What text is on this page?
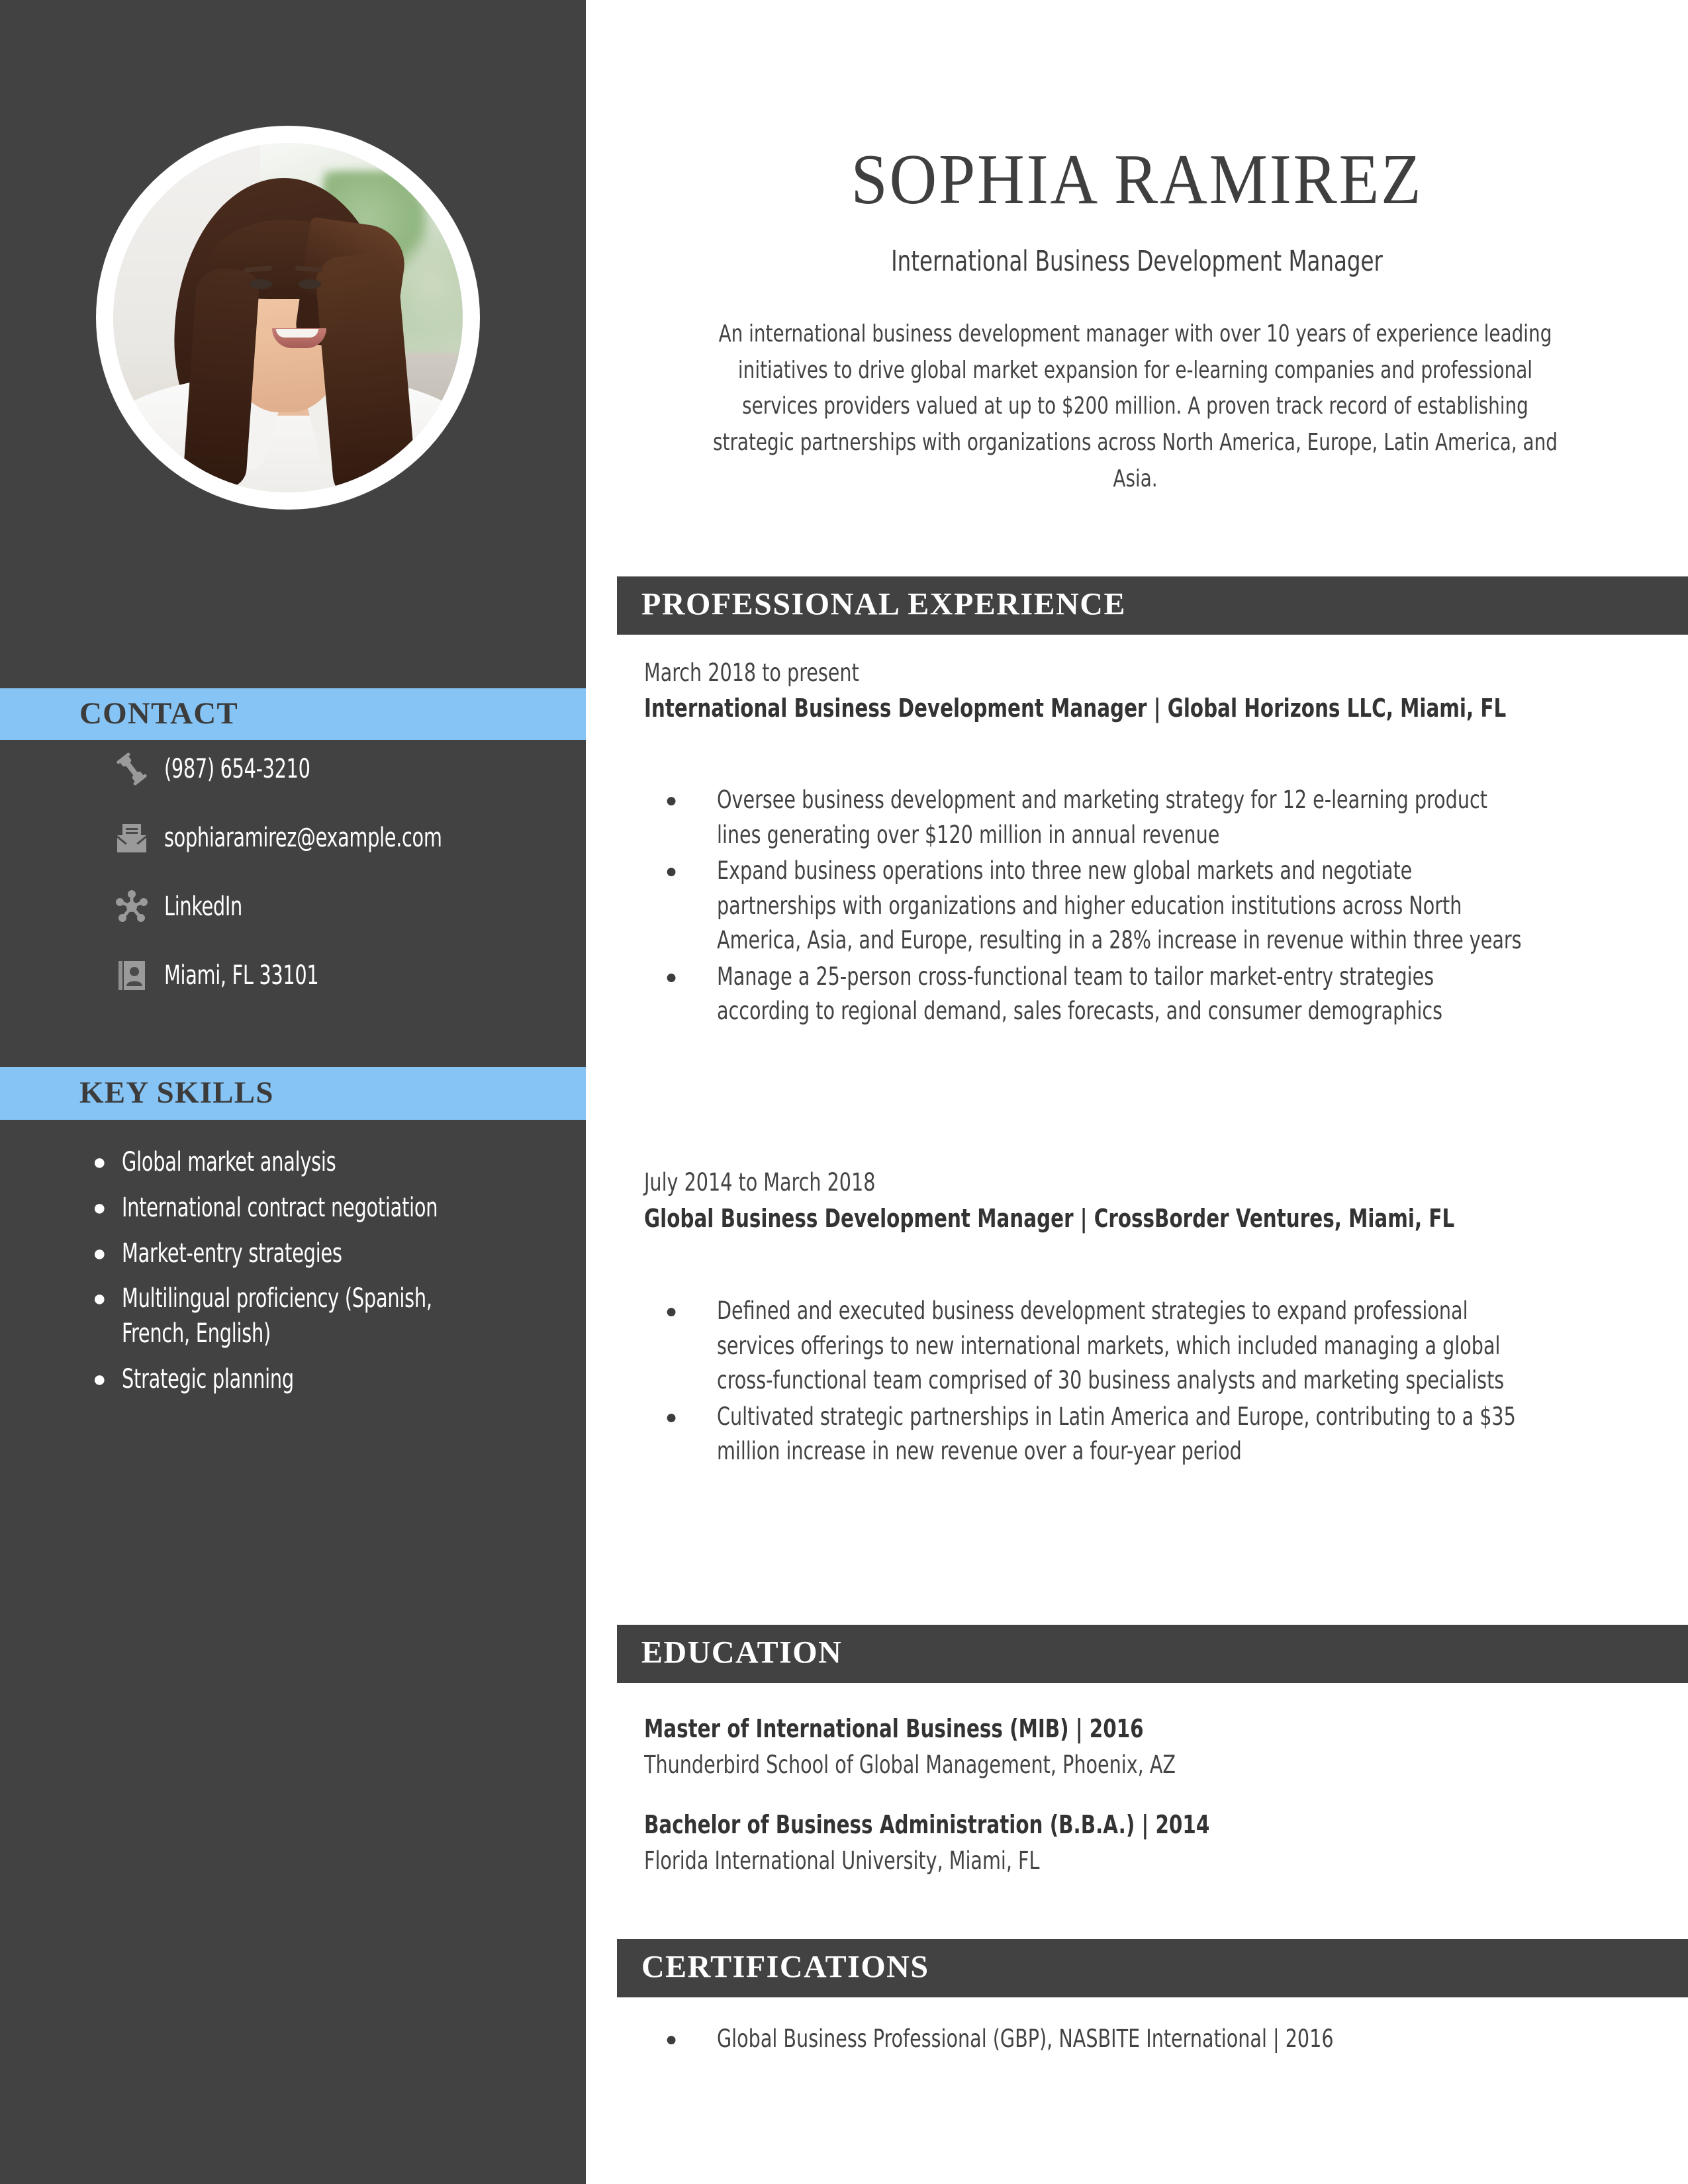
CONTACT
(987) 654-3210
sophiaramirez@example.com
LinkedIn
Miami, FL 33101
KEY SKILLS
● Global market analysis
● International contract negotiation
● Market-entry strategies
● Multilingual proficiency (Spanish, French, English)
● Strategic planning
SOPHIA RAMIREZ
International Business Development Manager
An international business development manager with over 10 years of experience leading initiatives to drive global market expansion for e-learning companies and professional services providers valued at up to $200 million. A proven track record of establishing strategic partnerships with organizations across North America, Europe, Latin America, and Asia.
PROFESSIONAL EXPERIENCE
March 2018 to present
International Business Development Manager | Global Horizons LLC, Miami, FL
●	Oversee business development and marketing strategy for 12 e-learning product lines generating over $120 million in annual revenue
●	Expand business operations into three new global markets and negotiate partnerships with organizations and higher education institutions across North America, Asia, and Europe, resulting in a 28% increase in revenue within three years
●	Manage a 25-person cross-functional team to tailor market-entry strategies according to regional demand, sales forecasts, and consumer demographics
July 2014 to March 2018
Global Business Development Manager | CrossBorder Ventures, Miami, FL
●	Defined and executed business development strategies to expand professional services offerings to new international markets, which included managing a global cross-functional team comprised of 30 business analysts and marketing specialists
●	Cultivated strategic partnerships in Latin America and Europe, contributing to a $35 million increase in new revenue over a four-year period
EDUCATION
Master of International Business (MIB) | 2016
Thunderbird School of Global Management, Phoenix, AZ
Bachelor of Business Administration (B.B.A.) | 2014
Florida International University, Miami, FL
CERTIFICATIONS
●	Global Business Professional (GBP), NASBITE International | 2016
